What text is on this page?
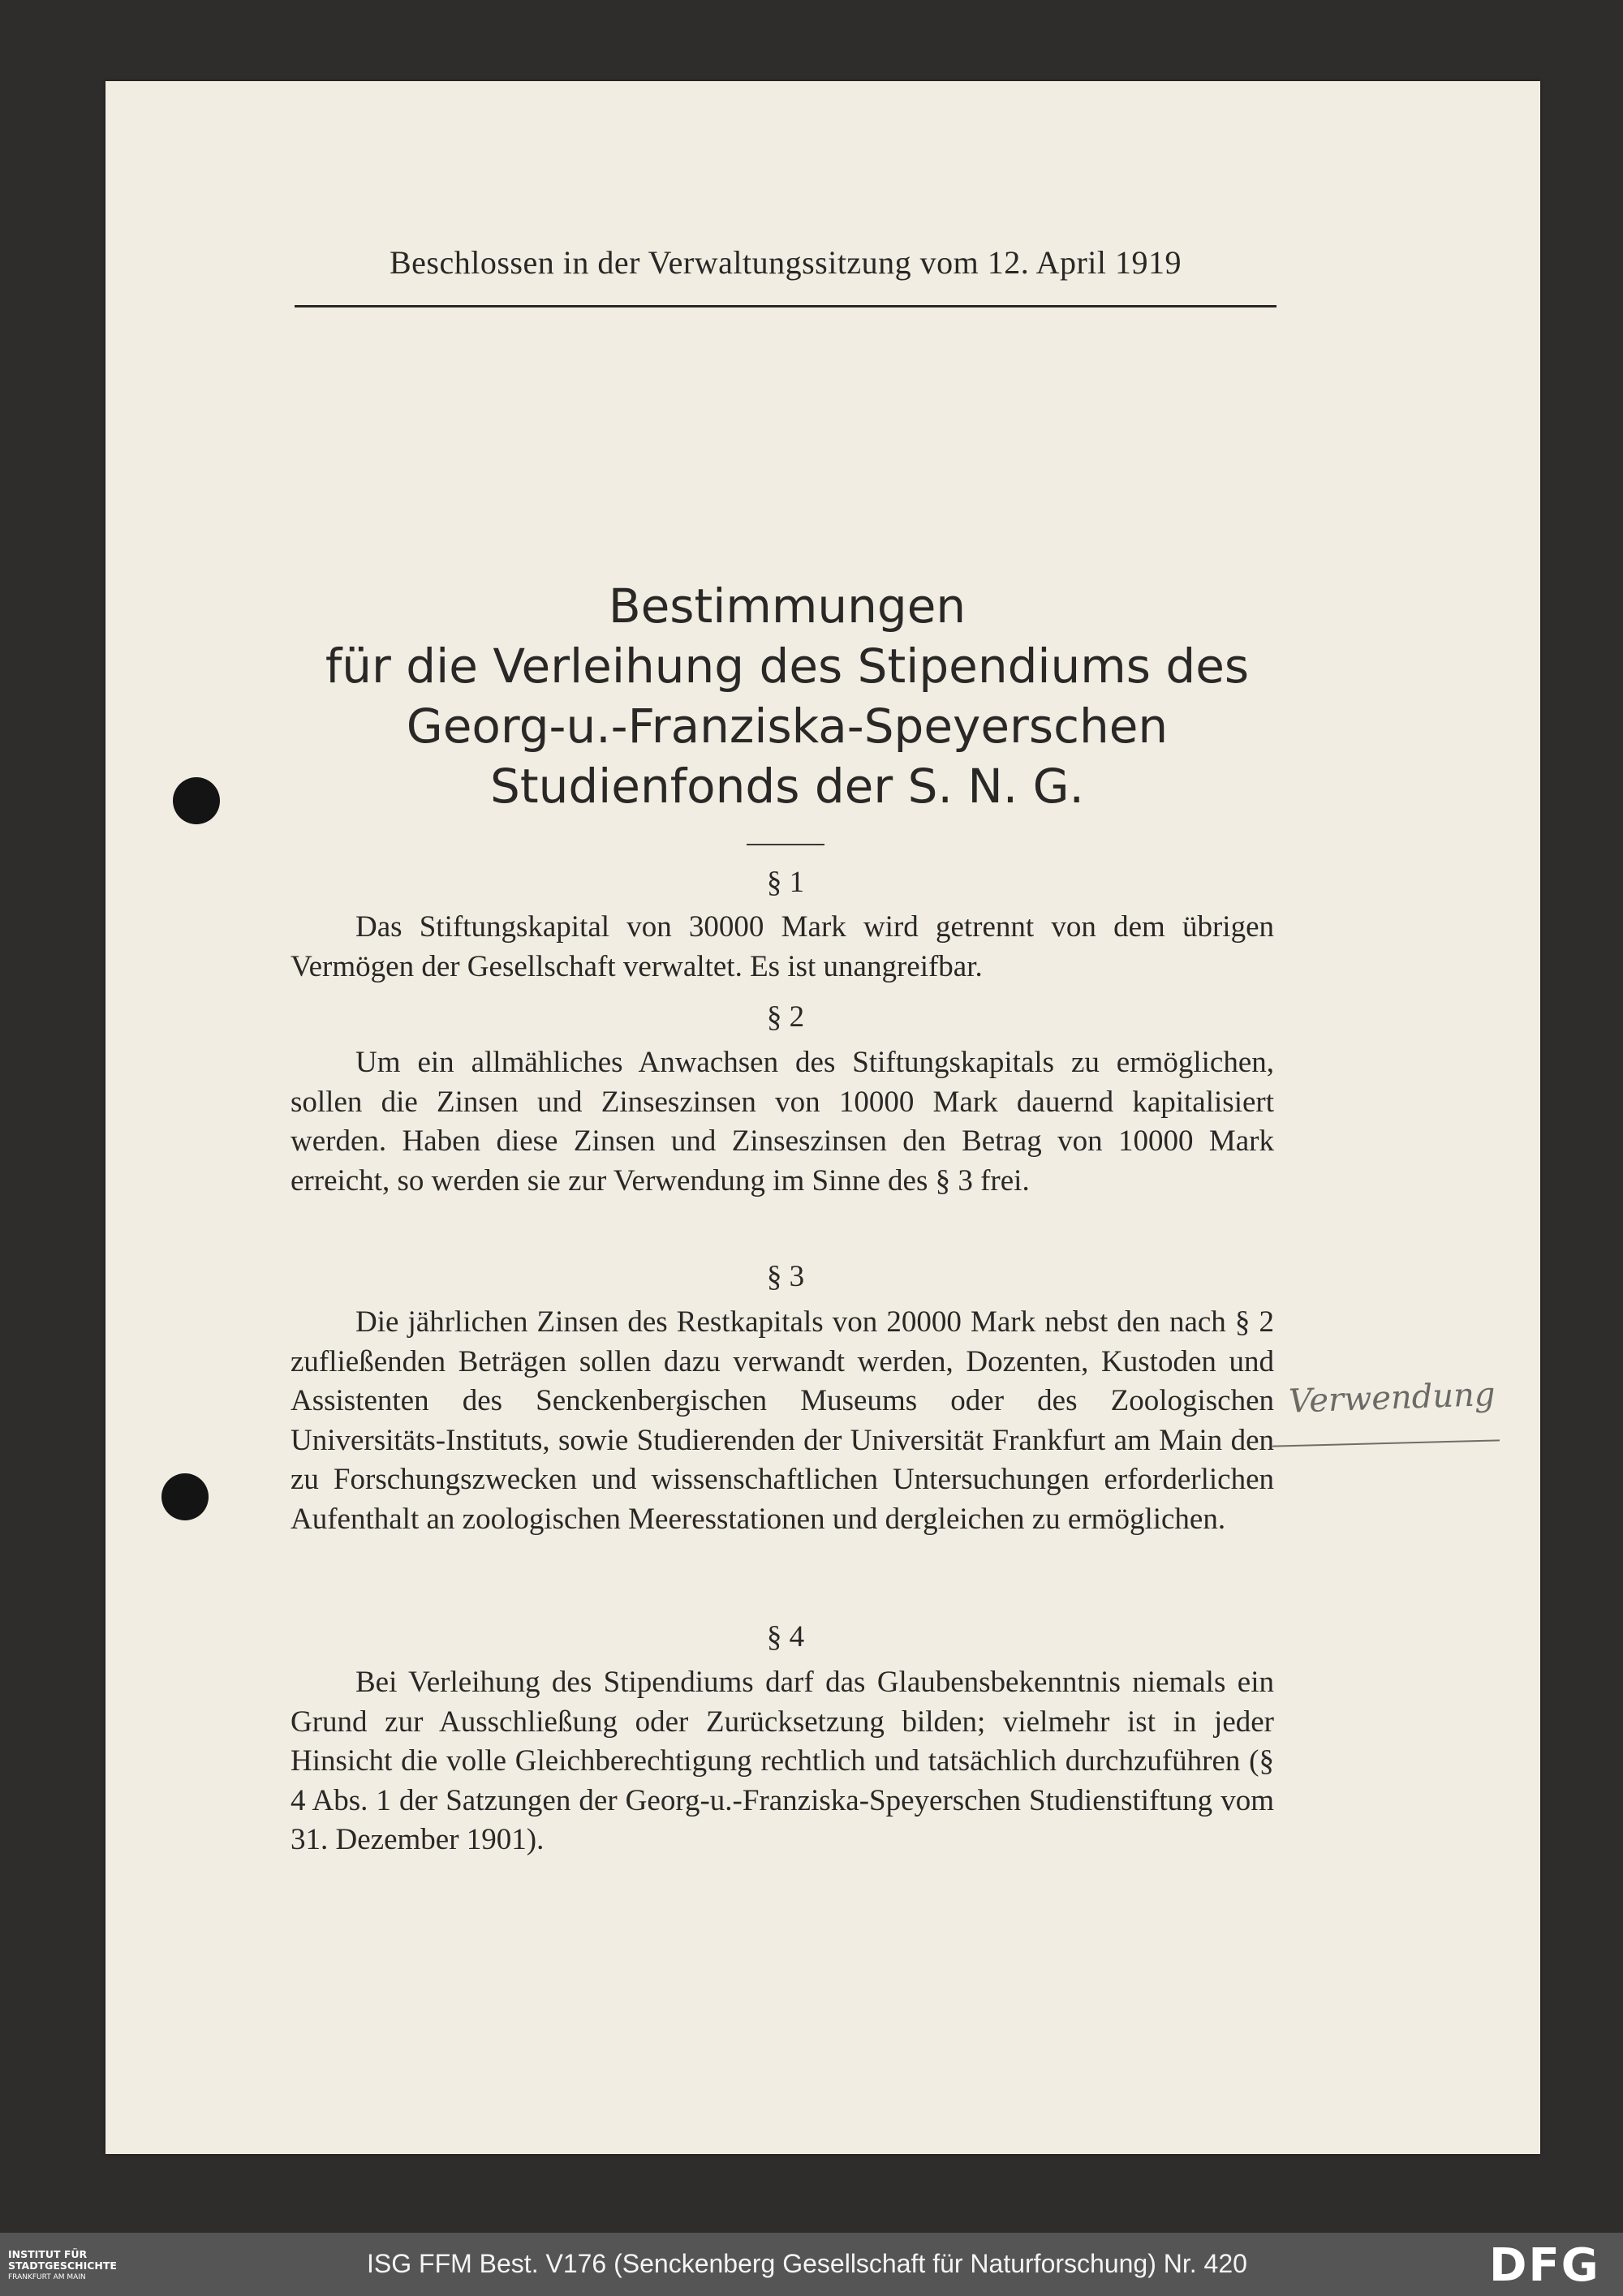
Beschlossen in der Verwaltungssitzung vom 12. April 1919
Bestimmungen
für die Verleihung des Stipendiums des
Georg-u.-Franziska-Speyerschen
Studienfonds der S. N. G.
§ 1

Das Stiftungskapital von 30000 Mark wird getrennt von dem übrigen Vermögen der Gesellschaft verwaltet. Es ist unangreifbar.

§ 2

Um ein allmähliches Anwachsen des Stiftungskapitals zu ermöglichen, sollen die Zinsen und Zinseszinsen von 10000 Mark dauernd kapitalisiert werden. Haben diese Zinsen und Zinseszinsen den Betrag von 10000 Mark erreicht, so werden sie zur Verwendung im Sinne des § 3 frei.

§ 3

Die jährlichen Zinsen des Restkapitals von 20000 Mark nebst den nach § 2 zufließenden Beträgen sollen dazu verwandt werden, Dozenten, Kustoden und Assistenten des Senckenbergischen Museums oder des Zoologischen Universitäts-Instituts, sowie Studierenden der Universität Frankfurt am Main den zu Forschungszwecken und wissenschaftlichen Untersuchungen erforderlichen Aufenthalt an zoologischen Meeresstationen und dergleichen zu ermöglichen.

§ 4

Bei Verleihung des Stipendiums darf das Glaubensbekenntnis niemals ein Grund zur Ausschließung oder Zurücksetzung bilden; vielmehr ist in jeder Hinsicht die volle Gleichberechtigung rechtlich und tatsächlich durchzuführen (§ 4 Abs. 1 der Satzungen der Georg-u.-Franziska-Speyerschen Studienstiftung vom 31. Dezember 1901).

Verwendung
INSTITUT FÜR
STADTGESCHICHTE
FRANKFURT AM MAIN	ISG FFM Best. V176 (Senckenberg Gesellschaft für Naturforschung) Nr. 420	DFG
